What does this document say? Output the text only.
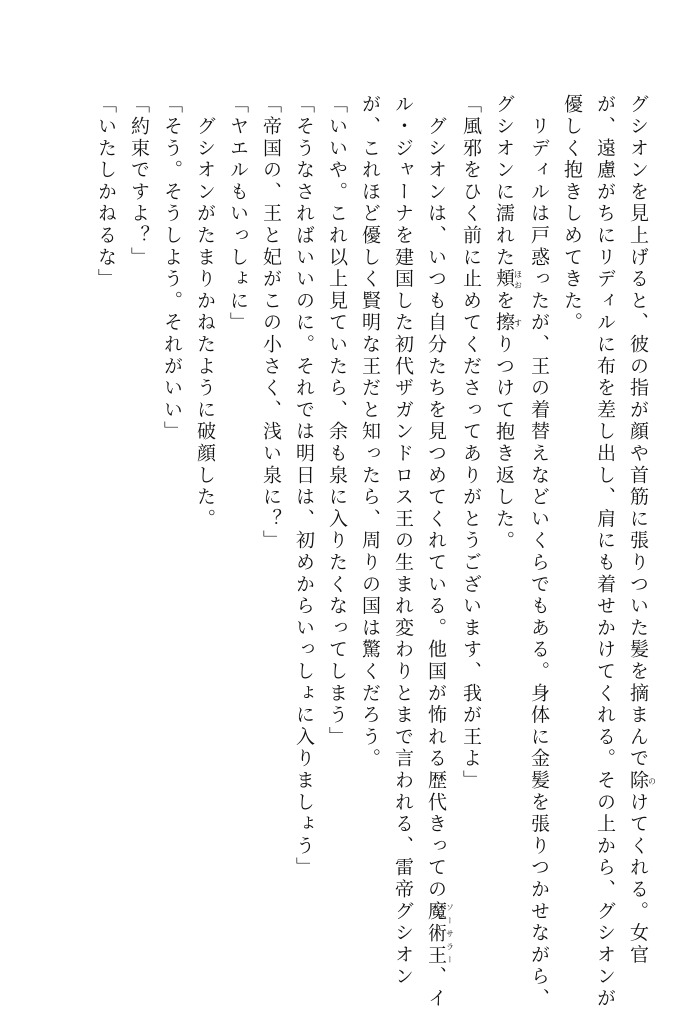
グシオンを見上げると、彼の指が顔や首筋に張りついた髪を摘まんで除のけてくれる。女官

が、遠慮がちにリディルに布を差し出し、肩にも着せかけてくれる。その上から、グシオンが

優しく抱きしめてきた。

　リディルは戸惑ったが、王の着替えなどいくらでもある。身体に金髪を張りつかせながら、

グシオンに濡れた頬ほおを擦すりつけて抱き返した。

「風邪をひく前に止めてくださってありがとうございます、我が王よ」

　グシオンは、いつも自分たちを見つめてくれている。他国が怖れる歴代きっての魔術王ソーサラー、イ

ル・ジャーナを建国した初代ザガンドロス王の生まれ変わりとまで言われる、雷帝グシオン

が、これほど優しく賢明な王だと知ったら、周りの国は驚くだろう。

「いいや。これ以上見ていたら、余も泉に入りたくなってしまう」

「そうなさればいいのに。それでは明日は、初めからいっしょに入りましょう」

「帝国の、王と妃がこの小さく、浅い泉に？」

「ヤエルもいっしょに」

　グシオンがたまりかねたように破顔した。

「そう。そうしよう。それがいい」

「約束ですよ？」

「いたしかねるな」
